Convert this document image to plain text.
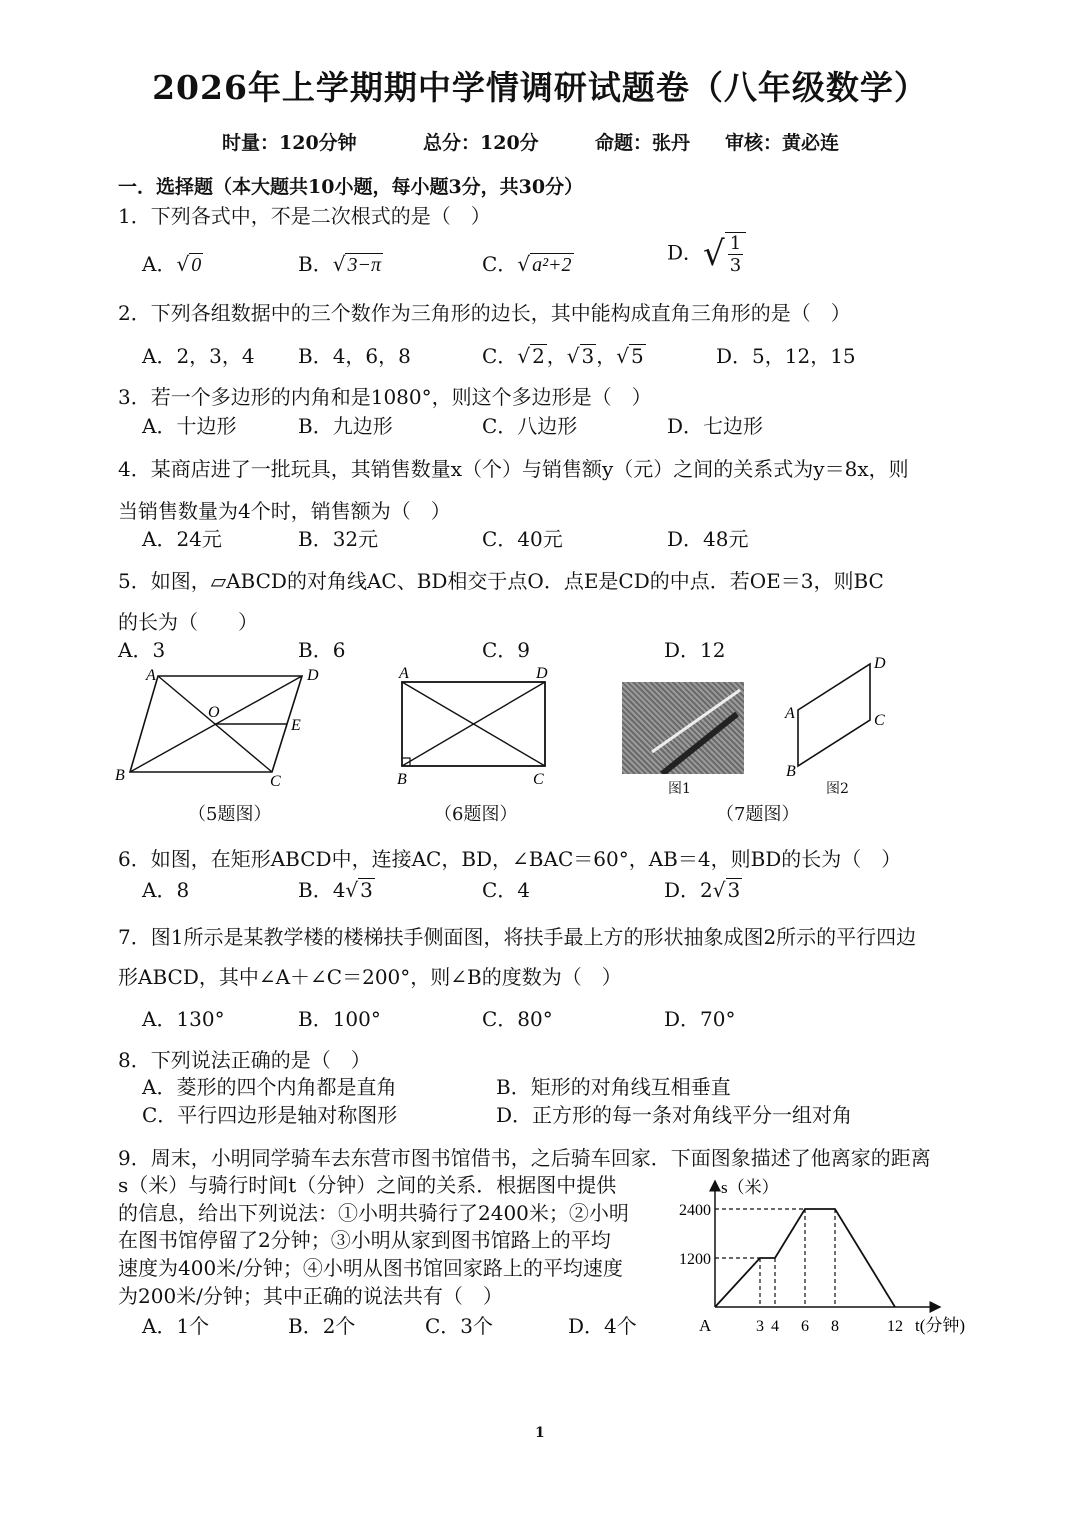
2026年上学期期中学情调研试题卷（八年级数学）
时量：120分钟	总分：120分	命题：张丹 审核：黄必连
一．选择题（本大题共10小题，每小题3分，共30分）
1．下列各式中，不是二次根式的是（　）
A．√ 0	B．√ 3−π	C．√ a²+2
D．√ $\frac{1}{3}$
2．下列各组数据中的三个数作为三角形的边长，其中能构成直角三角形的是（　）
A．2，3，4 B．4，6，8	C．√ 2 ，√ 3 ，√ 5	D．5，12，15
3．若一个多边形的内角和是1080°，则这个多边形是（　）
A．十边形	B．九边形	C．八边形	D．七边形
4．某商店进了一批玩具，其销售数量x（个）与销售额y（元）之间的关系式为y＝8x，则
当销售数量为4个时，销售额为（　）
A．24元	B．32元	C．40元	D．48元
5．如图，▱ABCD的对角线AC、BD相交于点O．点E是CD的中点．若OE＝3，则BC
的长为（　　）
A．3	B．6	C．9	D．12
A	D
B	C
O
E
（5题图）
A	D
B	C
（6题图）
图1
D
A	C
B
图2
（7题图）
6．如图，在矩形ABCD中，连接AC，BD，∠BAC＝60°，AB＝4，则BD的长为（　）
A．8	B．4√ 3	C．4	D．2√ 3
7．图1所示是某教学楼的楼梯扶手侧面图，将扶手最上方的形状抽象成图2所示的平行四边
形ABCD，其中∠A＋∠C＝200°，则∠B的度数为（　）
A．130°	B．100°	C．80°	D．70°
8．下列说法正确的是（　）
A．菱形的四个内角都是直角	B．矩形的对角线互相垂直
C．平行四边形是轴对称图形	D．正方形的每一条对角线平分一组对角
9．周末，小明同学骑车去东营市图书馆借书，之后骑车回家．下面图象描述了他离家的距离
s（米）与骑行时间t（分钟）之间的关系．根据图中提供
的信息，给出下列说法：①小明共骑行了2400米；②小明
在图书馆停留了2分钟；③小明从家到图书馆路上的平均
速度为400米/分钟；④小明从图书馆回家路上的平均速度
为200米/分钟；其中正确的说法共有（　）
A．1个	B．2个	C．3个	D．4个
2400
1200
3 4 6 8	12
s（米）
t(分钟)
A
1
